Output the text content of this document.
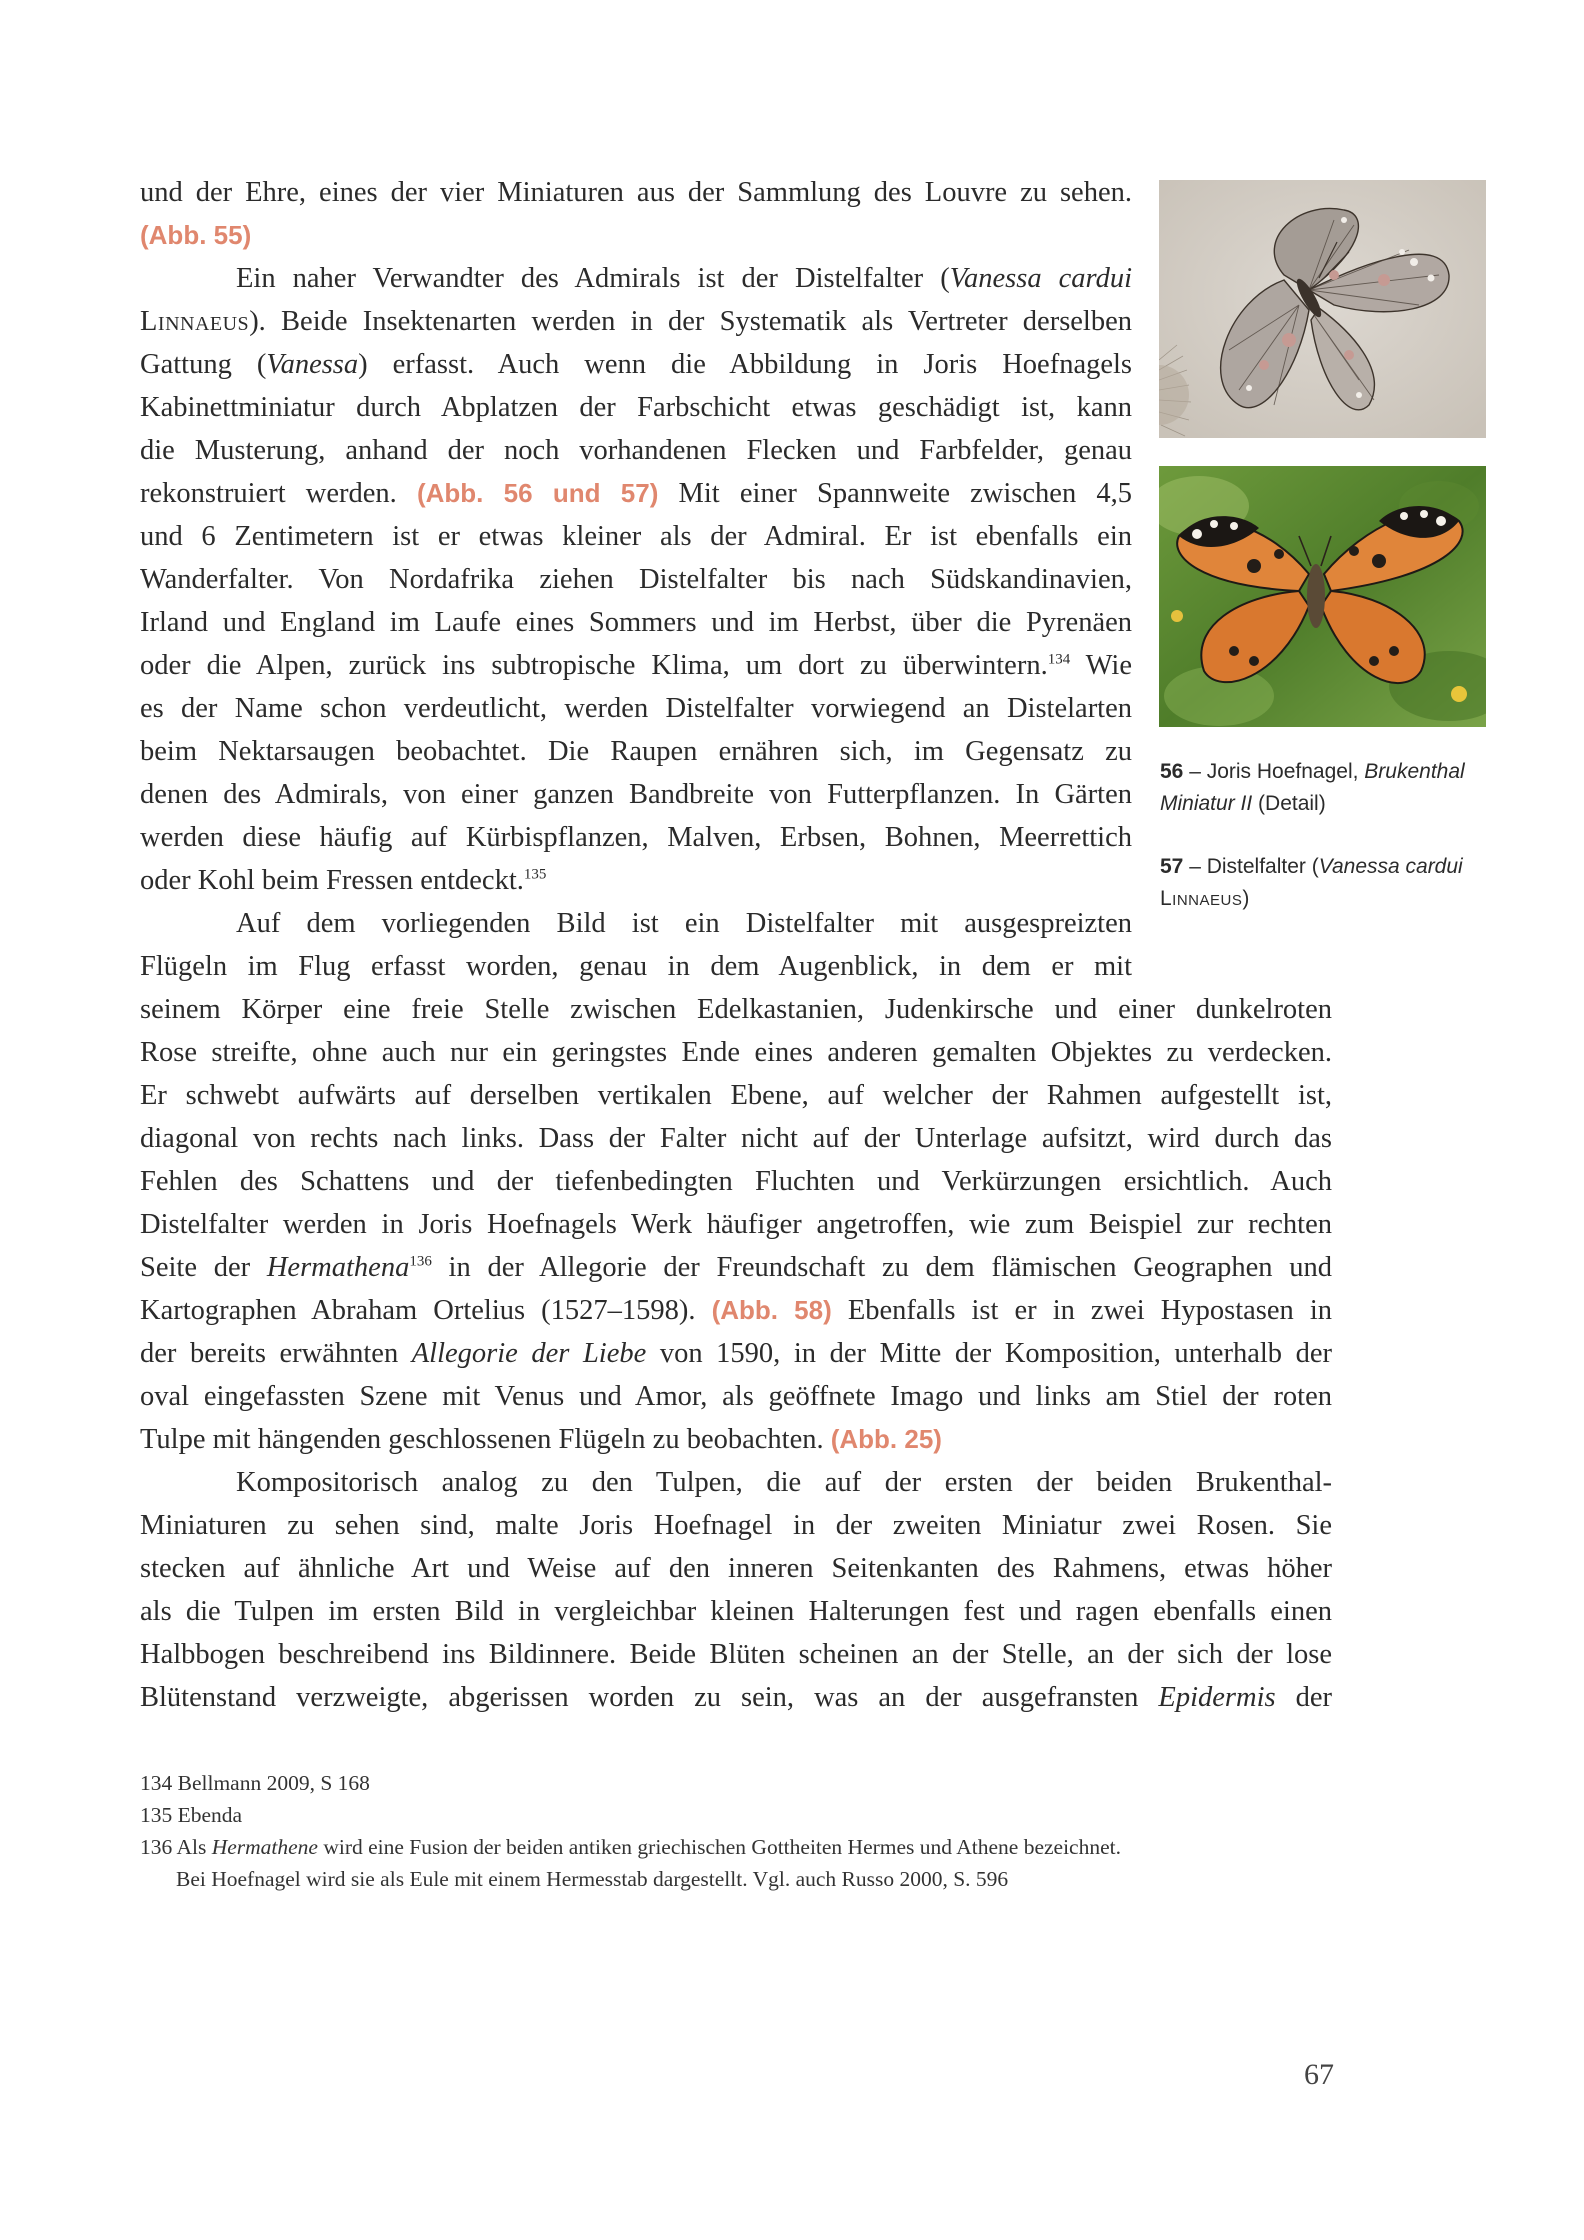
und der Ehre, eines der vier Miniaturen aus der Sammlung des Louvre zu sehen.
(Abb. 55)
Ein naher Verwandter des Admirals ist der Distelfalter (Vanessa cardui
Linnaeus). Beide Insektenarten werden in der Systematik als Vertreter derselben
Gattung (Vanessa) erfasst. Auch wenn die Abbildung in Joris Hoefnagels
Kabinettminiatur durch Abplatzen der Farbschicht etwas geschädigt ist, kann
die Musterung, anhand der noch vorhandenen Flecken und Farbfelder, genau
rekonstruiert werden. (Abb. 56 und 57) Mit einer Spannweite zwischen 4,5
und 6 Zentimetern ist er etwas kleiner als der Admiral. Er ist ebenfalls ein
Wanderfalter. Von Nordafrika ziehen Distelfalter bis nach Südskandinavien,
Irland und England im Laufe eines Sommers und im Herbst, über die Pyrenäen
oder die Alpen, zurück ins subtropische Klima, um dort zu überwintern.$^{134}$ Wie
es der Name schon verdeutlicht, werden Distelfalter vorwiegend an Distelarten
beim Nektarsaugen beobachtet. Die Raupen ernähren sich, im Gegensatz zu
denen des Admirals, von einer ganzen Bandbreite von Futterpflanzen. In Gärten
werden diese häufig auf Kürbispflanzen, Malven, Erbsen, Bohnen, Meerrettich
oder Kohl beim Fressen entdeckt.$^{135}$
Auf dem vorliegenden Bild ist ein Distelfalter mit ausgespreizten
Flügeln im Flug erfasst worden, genau in dem Augenblick, in dem er mit
seinem Körper eine freie Stelle zwischen Edelkastanien, Judenkirsche und einer dunkelroten
Rose streifte, ohne auch nur ein geringstes Ende eines anderen gemalten Objektes zu verdecken.
Er schwebt aufwärts auf derselben vertikalen Ebene, auf welcher der Rahmen aufgestellt ist,
diagonal von rechts nach links. Dass der Falter nicht auf der Unterlage aufsitzt, wird durch das
Fehlen des Schattens und der tiefenbedingten Fluchten und Verkürzungen ersichtlich. Auch
Distelfalter werden in Joris Hoefnagels Werk häufiger angetroffen, wie zum Beispiel zur rechten
Seite der Hermathena$^{136}$ in der Allegorie der Freundschaft zu dem flämischen Geographen und
Kartographen Abraham Ortelius (1527–1598). (Abb. 58) Ebenfalls ist er in zwei Hypostasen in
der bereits erwähnten Allegorie der Liebe von 1590, in der Mitte der Komposition, unterhalb der
oval eingefassten Szene mit Venus und Amor, als geöffnete Imago und links am Stiel der roten
Tulpe mit hängenden geschlossenen Flügeln zu beobachten. (Abb. 25)
Kompositorisch analog zu den Tulpen, die auf der ersten der beiden Brukenthal-
Miniaturen zu sehen sind, malte Joris Hoefnagel in der zweiten Miniatur zwei Rosen. Sie
stecken auf ähnliche Art und Weise auf den inneren Seitenkanten des Rahmens, etwas höher
als die Tulpen im ersten Bild in vergleichbar kleinen Halterungen fest und ragen ebenfalls einen
Halbbogen beschreibend ins Bildinnere. Beide Blüten scheinen an der Stelle, an der sich der lose
Blütenstand verzweigte, abgerissen worden zu sein, was an der ausgefransten Epidermis der
56 – Joris Hoefnagel, Brukenthal Miniatur II (Detail)
57 – Distelfalter (Vanessa cardui Linnaeus)
134 Bellmann 2009, S 168
135 Ebenda
136 Als Hermathene wird eine Fusion der beiden antiken griechischen Gottheiten Hermes und Athene bezeichnet.
Bei Hoefnagel wird sie als Eule mit einem Hermesstab dargestellt. Vgl. auch Russo 2000, S. 596
67
